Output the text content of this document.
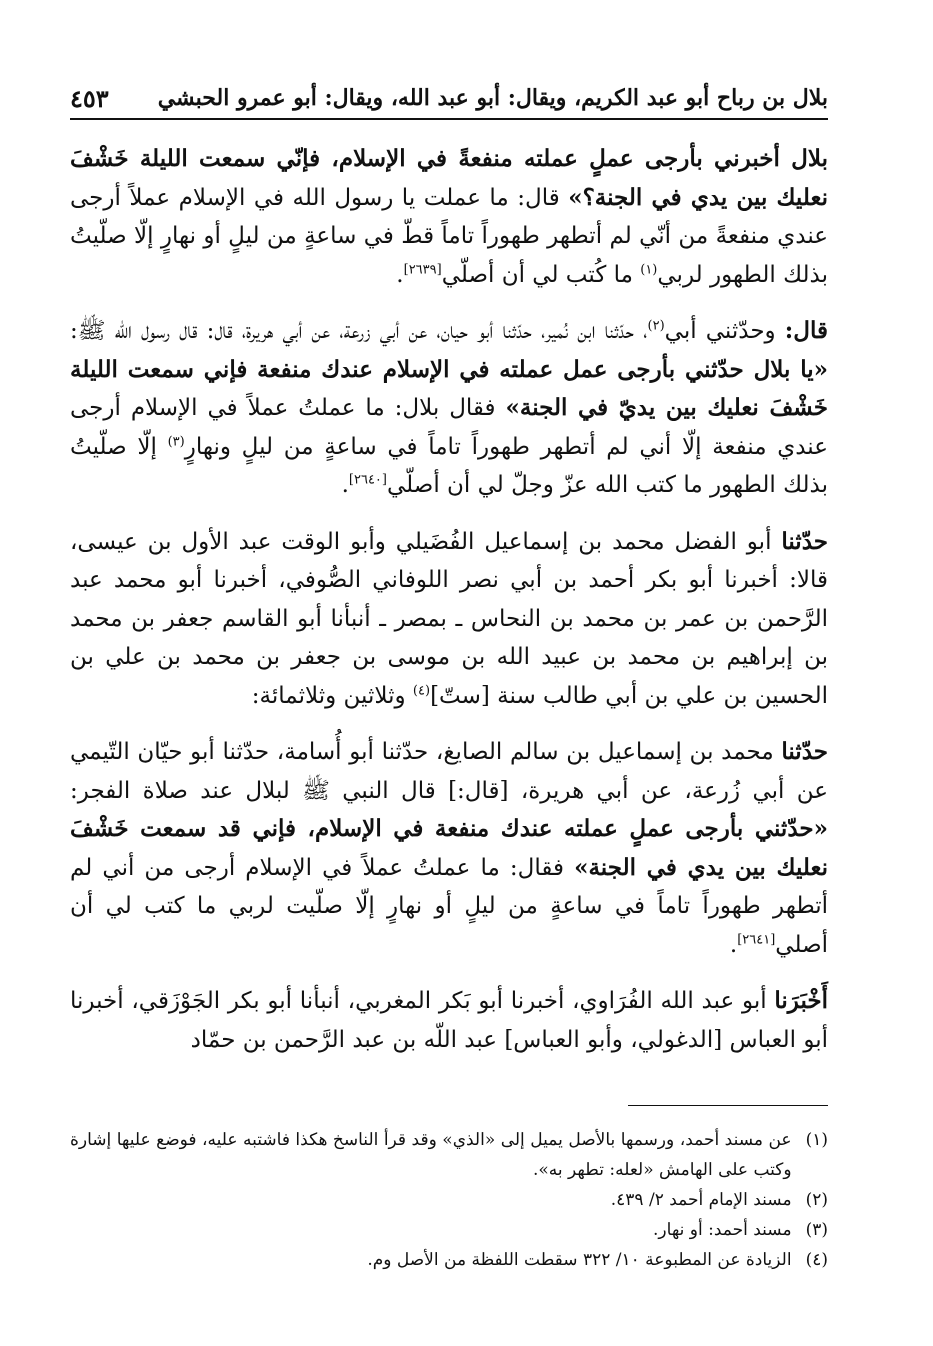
بلال بن رباح أبو عبد الكريم، ويقال: أبو عبد الله، ويقال: أبو عمرو الحبشي
٤٥٣

بلال أخبرني بأرجى عملٍ عملته منفعةً في الإسلام، فإنّي سمعت الليلة خَشْفَ نعليك بين يدي في الجنة؟» قال: ما عملت يا رسول الله في الإسلام عملاً أرجى عندي منفعةً من أنّي لم أتطهر طهوراً تاماً قطّ في ساعةٍ من ليلٍ أو نهارٍ إلّا صلّيتُ بذلك الطهور لربي$^{(١)}$ ما كُتب لي أن أصلّي[٢٦٣٩].

قال: وحدّثني أبي$^{(٢)}$، حدّثنا ابن نُمير، حدّثنا أبو حيان، عن أبي زرعة، عن أبي هريرة، قال: قال رسول الله ﷺ: «يا بلال حدّثني بأرجى عمل عملته في الإسلام عندك منفعة فإني سمعت الليلة خَشْفَ نعليك بين يديّ في الجنة» فقال بلال: ما عملتُ عملاً في الإسلام أرجى عندي منفعة إلّا أني لم أتطهر طهوراً تاماً في ساعةٍ من ليلٍ ونهارٍ$^{(٣)}$ إلّا صلّيتُ بذلك الطهور ما كتب الله عزّ وجلّ لي أن أصلّي[٢٦٤٠].

حدّثنا أبو الفضل محمد بن إسماعيل الفُضَيلي وأبو الوقت عبد الأول بن عيسى، قالا: أخبرنا أبو بكر أحمد بن أبي نصر اللوفاني الصُّوفي، أخبرنا أبو محمد عبد الرَّحمن بن عمر بن محمد بن النحاس ـ بمصر ـ أنبأنا أبو القاسم جعفر بن محمد بن إبراهيم بن محمد بن عبيد الله بن موسى بن جعفر بن محمد بن علي بن الحسين بن علي بن أبي طالب سنة [ستّ]$^{(٤)}$ وثلاثين وثلاثمائة:

حدّثنا محمد بن إسماعيل بن سالم الصايغ، حدّثنا أبو أُسامة، حدّثنا أبو حيّان التّيمي عن أبي زُرعة، عن أبي هريرة، [قال:] قال النبي ﷺ لبلال عند صلاة الفجر: «حدّثني بأرجى عملٍ عملته عندك منفعة في الإسلام، فإني قد سمعت خَشْفَ نعليك بين يدي في الجنة» فقال: ما عملتُ عملاً في الإسلام أرجى من أني لم أتطهر طهوراً تاماً في ساعةٍ من ليلٍ أو نهارٍ إلّا صلّيت لربي ما كتب لي أن أصلي[٢٦٤١].

أَخْبَرَنا أبو عبد الله الفُرَاوي، أخبرنا أبو بَكر المغربي، أنبأنا أبو بكر الجَوْزَقي، أخبرنا أبو العباس [الدغولي، وأبو العباس] عبد اللّه بن عبد الرَّحمن بن حمّاد

(١)
عن مسند أحمد، ورسمها بالأصل يميل إلى «الذي» وقد قرأ الناسخ هكذا فاشتبه عليه، فوضع عليها إشارة وكتب على الهامش «لعله: تطهر به».
(٢)
مسند الإمام أحمد ٢/ ٤٣٩.
(٣)
مسند أحمد: أو نهار.
(٤)
الزيادة عن المطبوعة ١٠/ ٣٢٢ سقطت اللفظة من الأصل وم.
